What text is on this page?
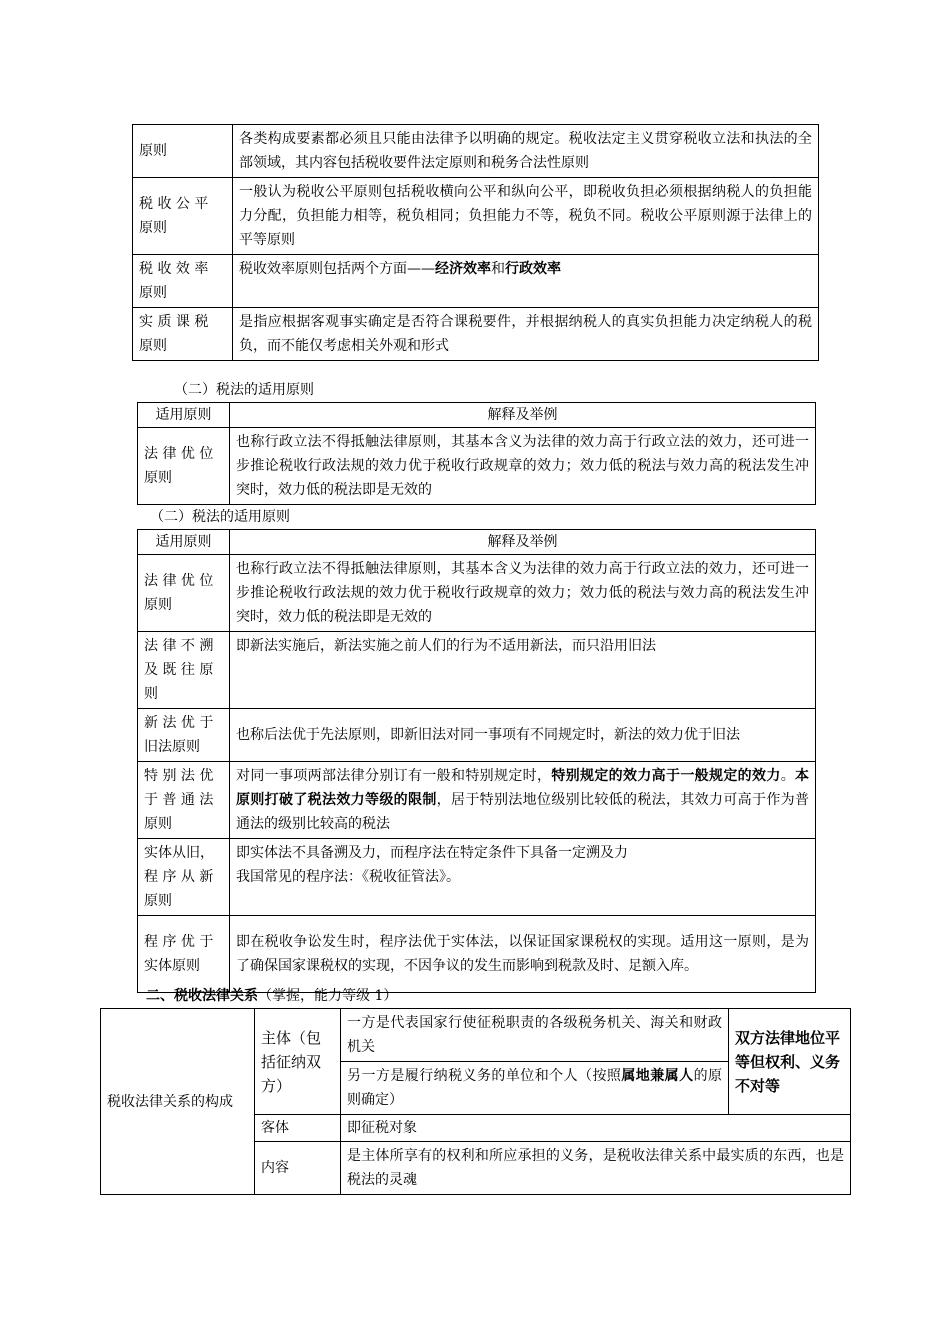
原则	各类构成要素都必须且只能由法律予以明确的规定。税收法定主义贯穿税收立法和执法的全部领域，其内容包括税收要件法定原则和税务合法性原则
税 收 公 平 原则	一般认为税收公平原则包括税收横向公平和纵向公平，即税收负担必须根据纳税人的负担能力分配，负担能力相等，税负相同；负担能力不等，税负不同。税收公平原则源于法律上的平等原则
税 收 效 率 原则	税收效率原则包括两个方面——经济效率和行政效率
实 质 课 税 原则	是指应根据客观事实确定是否符合课税要件，并根据纳税人的真实负担能力决定纳税人的税负，而不能仅考虑相关外观和形式
（二）税法的适用原则
适用原则	解释及举例
法 律 优 位 原则	也称行政立法不得抵触法律原则，其基本含义为法律的效力高于行政立法的效力，还可进一步推论税收行政法规的效力优于税收行政规章的效力；效力低的税法与效力高的税法发生冲突时，效力低的税法即是无效的
（二）税法的适用原则
适用原则	解释及举例
法 律 优 位 原则	也称行政立法不得抵触法律原则，其基本含义为法律的效力高于行政立法的效力，还可进一步推论税收行政法规的效力优于税收行政规章的效力；效力低的税法与效力高的税法发生冲突时，效力低的税法即是无效的
法 律 不 溯 及 既 往 原则	即新法实施后，新法实施之前人们的行为不适用新法，而只沿用旧法
新 法 优 于 旧法原则	也称后法优于先法原则，即新旧法对同一事项有不同规定时，新法的效力优于旧法
特 别 法 优 于 普 通 法 原则	对同一事项两部法律分别订有一般和特别规定时，特别规定的效力高于一般规定的效力。本原则打破了税法效力等级的限制，居于特别法地位级别比较低的税法，其效力可高于作为普通法的级别比较高的税法
实体从旧，程 序 从 新 原则	即实体法不具备溯及力，而程序法在特定条件下具备一定溯及力
我国常见的程序法：《税收征管法》。

程 序 优 于 实体原则	即在税收争讼发生时，程序法优于实体法，以保证国家课税权的实现。适用这一原则，是为了确保国家课税权的实现，不因争议的发生而影响到税款及时、足额入库。
二、税收法律关系（掌握，能力等级 1）
税收法律关系的构成	主体（包括征纳双方）	一方是代表国家行使征税职责的各级税务机关、海关和财政机关	双方法律地位平等但权利、义务不对等
		另一方是履行纳税义务的单位和个人（按照属地兼属人的原则确定）	
	客体	即征税对象	
	内容	是主体所享有的权利和所应承担的义务，是税收法律关系中最实质的东西，也是税法的灵魂	
